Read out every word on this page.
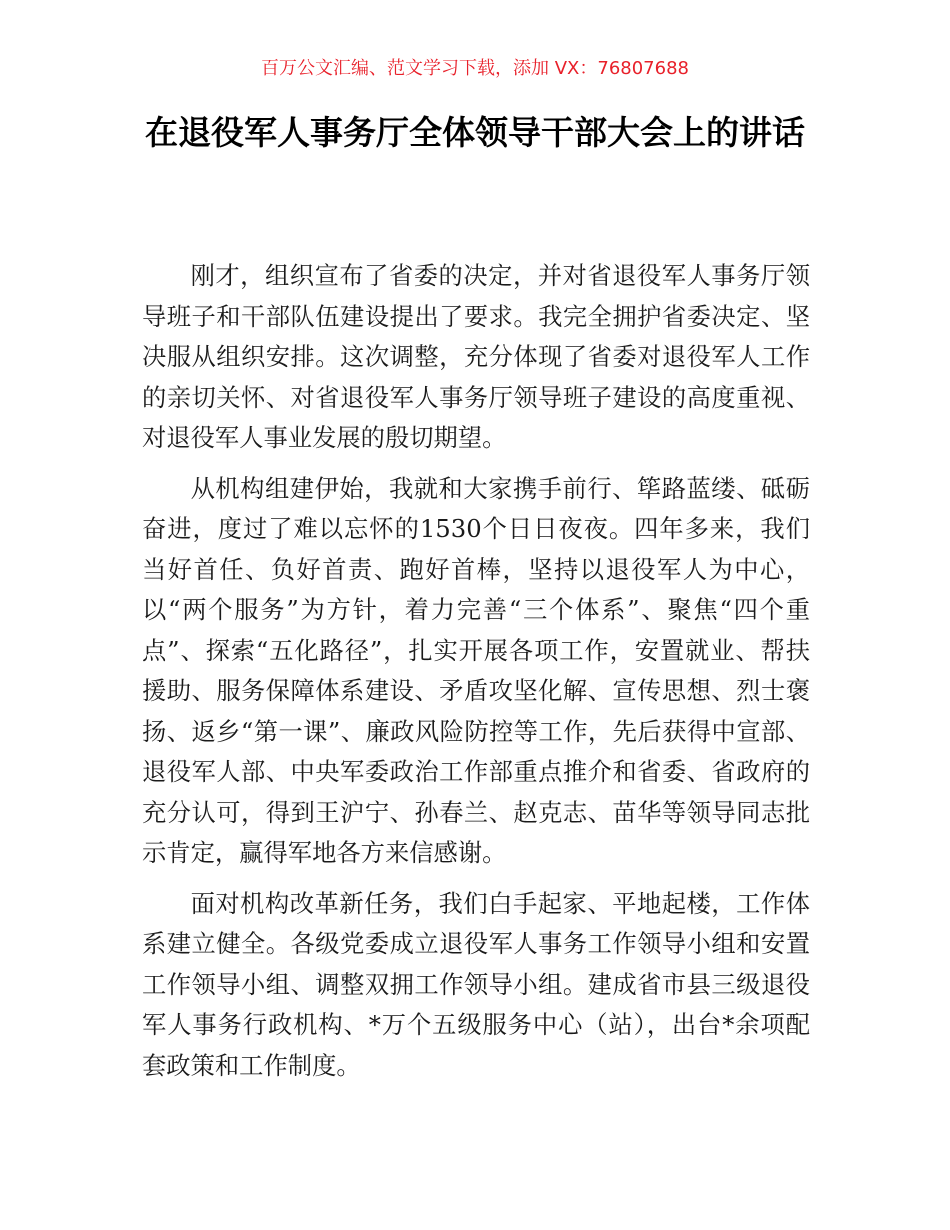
百万公文汇编、范文学习下载，添加 VX：76807688
在退役军人事务厅全体领导干部大会上的讲话

刚才，组织宣布了省委的决定，并对省退役军人事务厅领导班子和干部队伍建设提出了要求。我完全拥护省委决定、坚决服从组织安排。这次调整，充分体现了省委对退役军人工作的亲切关怀、对省退役军人事务厅领导班子建设的高度重视、对退役军人事业发展的殷切期望。

从机构组建伊始，我就和大家携手前行、筚路蓝缕、砥砺奋进，度过了难以忘怀的1530个日日夜夜。四年多来，我们当好首任、负好首责、跑好首棒，坚持以退役军人为中心，以“两个服务”为方针，着力完善“三个体系”、聚焦“四个重点”、探索“五化路径”，扎实开展各项工作，安置就业、帮扶援助、服务保障体系建设、矛盾攻坚化解、宣传思想、烈士褒扬、返乡“第一课”、廉政风险防控等工作，先后获得中宣部、退役军人部、中央军委政治工作部重点推介和省委、省政府的充分认可，得到王沪宁、孙春兰、赵克志、苗华等领导同志批示肯定，赢得军地各方来信感谢。

面对机构改革新任务，我们白手起家、平地起楼，工作体系建立健全。各级党委成立退役军人事务工作领导小组和安置工作领导小组、调整双拥工作领导小组。建成省市县三级退役军人事务行政机构、*万个五级服务中心（站），出台*余项配套政策和工作制度。
